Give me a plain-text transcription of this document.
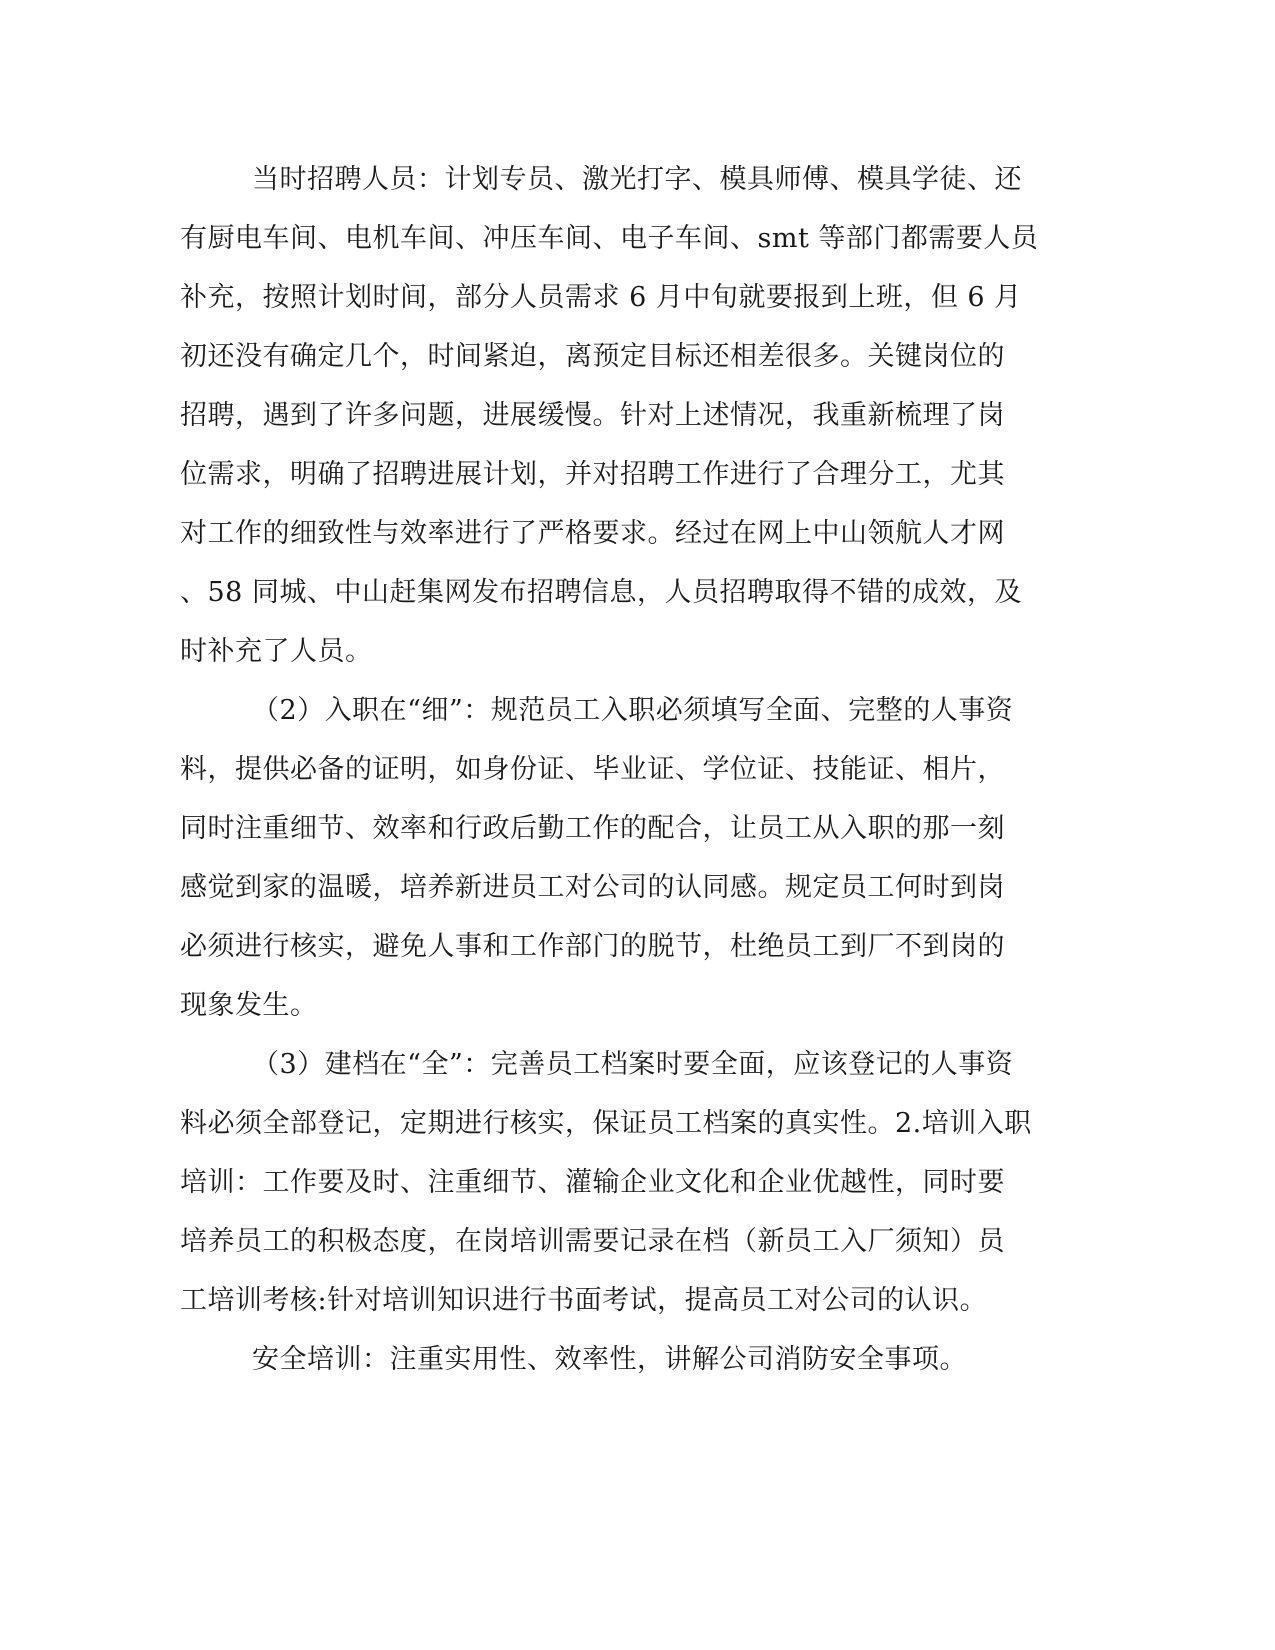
当时招聘人员：计划专员、激光打字、模具师傅、模具学徒、还
有厨电车间、电机车间、冲压车间、电子车间、smt 等部门都需要人员
补充，按照计划时间，部分人员需求 6 月中旬就要报到上班，但 6 月
初还没有确定几个，时间紧迫，离预定目标还相差很多。关键岗位的
招聘，遇到了许多问题，进展缓慢。针对上述情况，我重新梳理了岗
位需求，明确了招聘进展计划，并对招聘工作进行了合理分工，尤其
对工作的细致性与效率进行了严格要求。经过在网上中山领航人才网
、58 同城、中山赶集网发布招聘信息，人员招聘取得不错的成效，及
时补充了人员。
（2）入职在“细”：规范员工入职必须填写全面、完整的人事资
料，提供必备的证明，如身份证、毕业证、学位证、技能证、相片，
同时注重细节、效率和行政后勤工作的配合，让员工从入职的那一刻
感觉到家的温暖，培养新进员工对公司的认同感。规定员工何时到岗
必须进行核实，避免人事和工作部门的脱节，杜绝员工到厂不到岗的
现象发生。
（3）建档在“全”：完善员工档案时要全面，应该登记的人事资
料必须全部登记，定期进行核实，保证员工档案的真实性。2.培训入职
培训：工作要及时、注重细节、灌输企业文化和企业优越性，同时要
培养员工的积极态度，在岗培训需要记录在档（新员工入厂须知）员
工培训考核:针对培训知识进行书面考试，提高员工对公司的认识。
安全培训：注重实用性、效率性，讲解公司消防安全事项。
